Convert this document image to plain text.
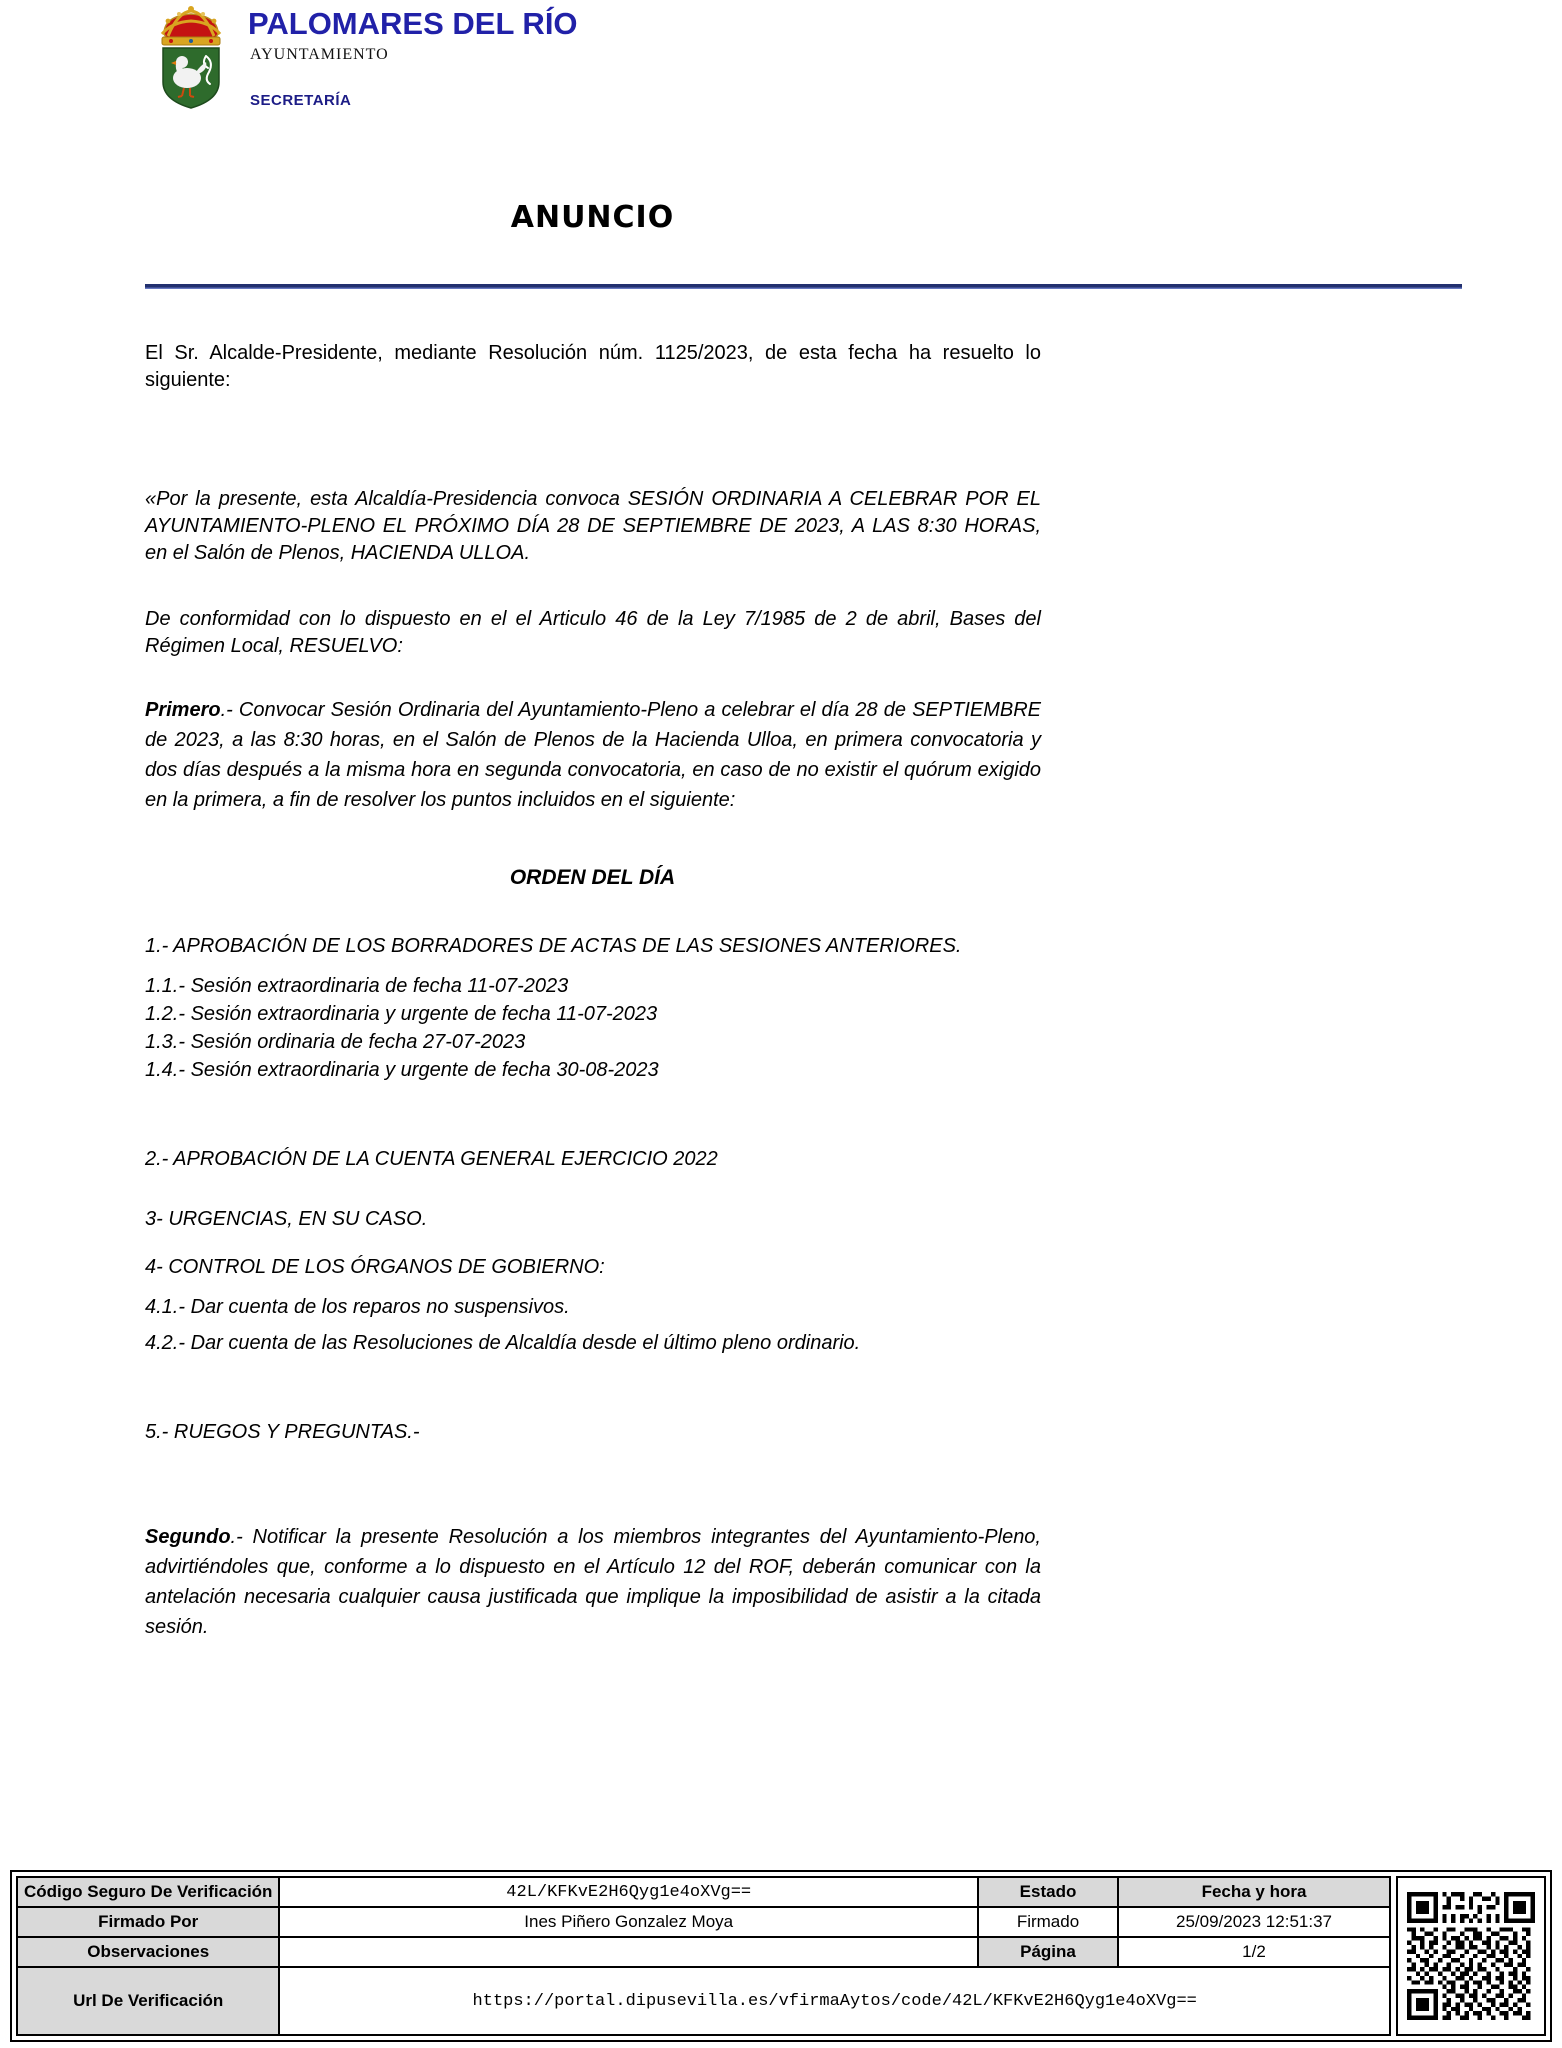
PALOMARES DEL RÍO
AYUNTAMIENTO
SECRETARÍA
ANUNCIO
El Sr. Alcalde-Presidente, mediante Resolución núm. 1125/2023, de esta fecha ha resuelto lo siguiente:
«Por la presente, esta Alcaldía-Presidencia convoca SESIÓN ORDINARIA A CELEBRAR POR EL AYUNTAMIENTO-PLENO EL PRÓXIMO DÍA 28 DE SEPTIEMBRE DE 2023, A LAS 8:30 HORAS, en el Salón de Plenos, HACIENDA ULLOA.
De conformidad con lo dispuesto en el el Articulo 46 de la Ley 7/1985 de 2 de abril, Bases del Régimen Local, RESUELVO:
Primero.- Convocar Sesión Ordinaria del Ayuntamiento-Pleno a celebrar el día 28 de SEPTIEMBRE de 2023, a las 8:30 horas, en el Salón de Plenos de la Hacienda Ulloa, en primera convocatoria y dos días después a la misma hora en segunda convocatoria, en caso de no existir el quórum exigido en la primera, a fin de resolver los puntos incluidos en el siguiente:
ORDEN DEL DÍA
1.- APROBACIÓN DE LOS BORRADORES DE ACTAS DE LAS SESIONES ANTERIORES.
1.1.- Sesión extraordinaria de fecha 11-07-2023
1.2.- Sesión extraordinaria y urgente de fecha 11-07-2023
1.3.- Sesión ordinaria de fecha 27-07-2023
1.4.- Sesión extraordinaria y urgente de fecha 30-08-2023
2.- APROBACIÓN DE LA CUENTA GENERAL EJERCICIO 2022
3- URGENCIAS, EN SU CASO.
4- CONTROL DE LOS ÓRGANOS DE GOBIERNO:
4.1.- Dar cuenta de los reparos no suspensivos.
4.2.- Dar cuenta de las Resoluciones de Alcaldía desde el último pleno ordinario.
5.- RUEGOS Y PREGUNTAS.-
Segundo.- Notificar la presente Resolución a los miembros integrantes del Ayuntamiento-Pleno, advirtiéndoles que, conforme a lo dispuesto en el Artículo 12 del ROF, deberán comunicar con la antelación necesaria cualquier causa justificada que implique la imposibilidad de asistir a la citada sesión.
Código Seguro De Verificación	42L/KFKvE2H6Qyg1e4oXVg==	Estado	Fecha y hora
Firmado Por	Ines Piñero Gonzalez Moya	Firmado	25/09/2023 12:51:37
Observaciones		Página	1/2
Url De Verificación	https://portal.dipusevilla.es/vfirmaAytos/code/42L/KFKvE2H6Qyg1e4oXVg==		
